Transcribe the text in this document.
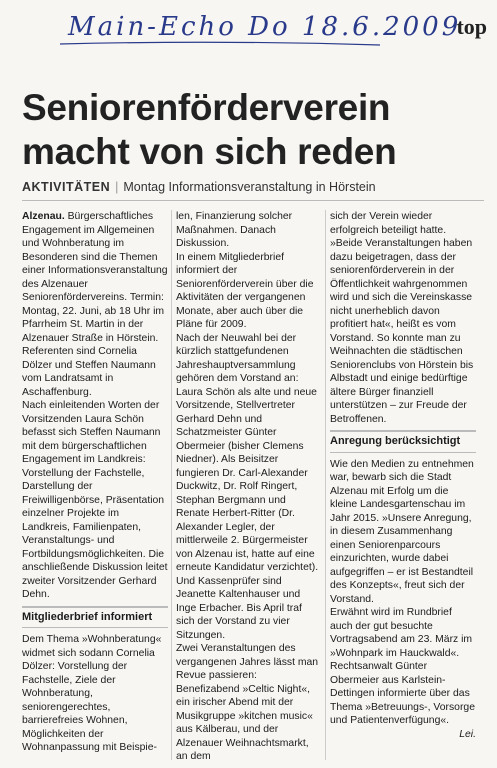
Main-Echo Do 18.6.2009
top
Seniorenförderverein macht von sich reden
AKTIVITÄTEN | Montag Informationsveranstaltung in Hörstein

Alzenau. Bürgerschaftliches Engagement im Allgemeinen und Wohnberatung im Besonderen sind die Themen einer Informationsveranstaltung des Alzenauer Seniorenfördervereins. Termin: Montag, 22. Juni, ab 18 Uhr im Pfarrheim St. Martin in der Alzenauer Straße in Hörstein. Referenten sind Cornelia Dölzer und Steffen Naumann vom Landratsamt in Aschaffenburg.

Nach einleitenden Worten der Vorsitzenden Laura Schön befasst sich Steffen Naumann mit dem bürgerschaftlichen Engagement im Landkreis: Vorstellung der Fachstelle, Darstellung der Freiwilligenbörse, Präsentation einzelner Projekte im Landkreis, Familienpaten, Veranstaltungs- und Fortbildungsmöglichkeiten. Die anschließende Diskussion leitet zweiter Vorsitzender Gerhard Dehn.

Mitgliederbrief informiert

Dem Thema »Wohnberatung« widmet sich sodann Cornelia Dölzer: Vorstellung der Fachstelle, Ziele der Wohnberatung, seniorengerechtes, barrierefreies Wohnen, Möglichkeiten der Wohnanpassung mit Beispie-

len, Finanzierung solcher Maßnahmen. Danach Diskussion.

In einem Mitgliederbrief informiert der Seniorenförderverein über die Aktivitäten der vergangenen Monate, aber auch über die Pläne für 2009.

Nach der Neuwahl bei der kürzlich stattgefundenen Jahreshauptversammlung gehören dem Vorstand an: Laura Schön als alte und neue Vorsitzende, Stellvertreter Gerhard Dehn und Schatzmeister Günter Obermeier (bisher Clemens Niedner). Als Beisitzer fungieren Dr. Carl-Alexander Duckwitz, Dr. Rolf Ringert, Stephan Bergmann und Renate Herbert-Ritter (Dr. Alexander Legler, der mittlerweile 2. Bürgermeister von Alzenau ist, hatte auf eine erneute Kandidatur verzichtet). Und Kassenprüfer sind Jeanette Kaltenhauser und Inge Erbacher. Bis April traf sich der Vorstand zu vier Sitzungen.

Zwei Veranstaltungen des vergangenen Jahres lässt man Revue passieren: Benefizabend »Celtic Night«, ein irischer Abend mit der Musikgruppe »kitchen music« aus Kälberau, und der Alzenauer Weihnachtsmarkt, an dem

sich der Verein wieder erfolgreich beteiligt hatte. »Beide Veranstaltungen haben dazu beigetragen, dass der seniorenförderverein in der Öffentlichkeit wahrgenommen wird und sich die Vereinskasse nicht unerheblich davon profitiert hat«, heißt es vom Vorstand. So konnte man zu Weihnachten die städtischen Seniorenclubs von Hörstein bis Albstadt und einige bedürftige ältere Bürger finanziell unterstützen – zur Freude der Betroffenen.

Anregung berücksichtigt

Wie den Medien zu entnehmen war, bewarb sich die Stadt Alzenau mit Erfolg um die kleine Landesgartenschau im Jahr 2015. »Unsere Anregung, in diesem Zusammenhang einen Seniorenparcours einzurichten, wurde dabei aufgegriffen – er ist Bestandteil des Konzepts«, freut sich der Vorstand.

Erwähnt wird im Rundbrief auch der gut besuchte Vortragsabend am 23. März im »Wohnpark im Hauckwald«. Rechtsanwalt Günter Obermeier aus Karlstein-Dettingen informierte über das Thema »Betreuungs-, Vorsorge und Patientenverfügung«.

Lei.
